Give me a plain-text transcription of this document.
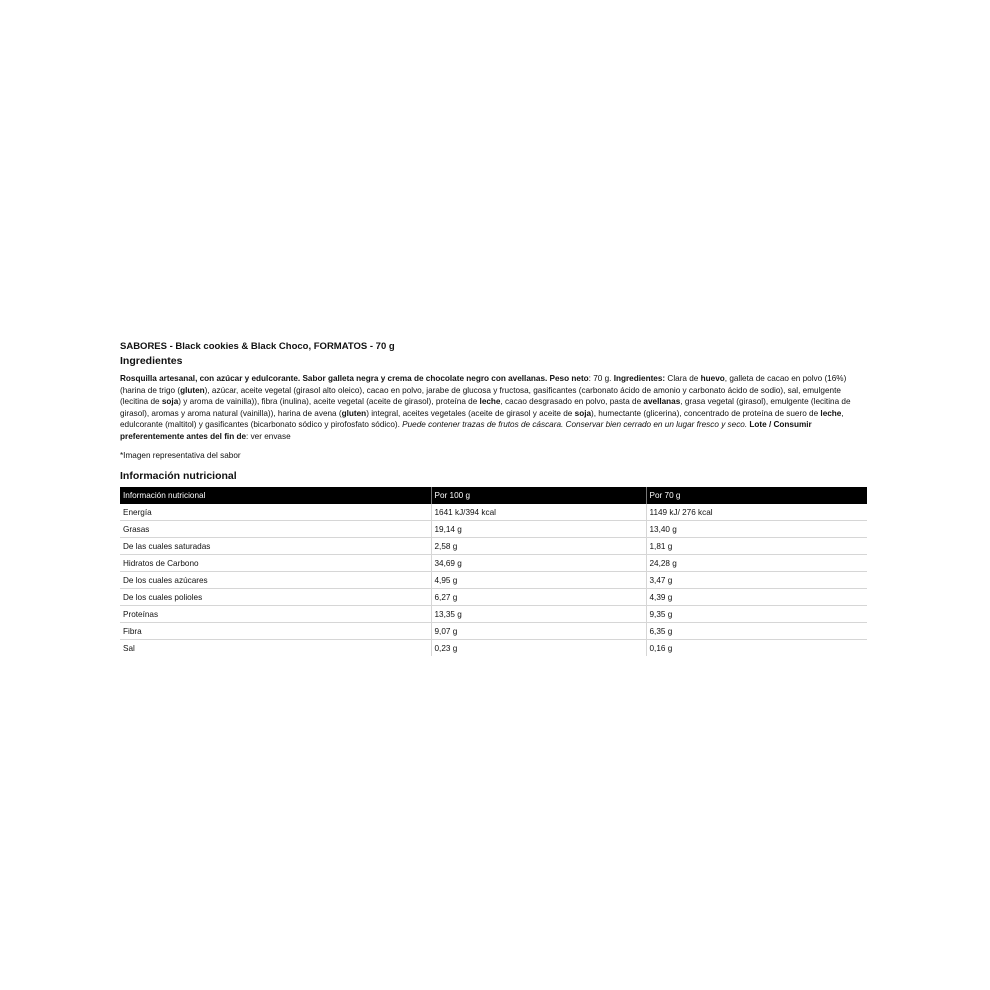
SABORES - Black cookies & Black Choco, FORMATOS - 70 g

Ingredientes

Rosquilla artesanal, con azúcar y edulcorante. Sabor galleta negra y crema de chocolate negro con avellanas. Peso neto: 70 g. Ingredientes: Clara de huevo, galleta de cacao en polvo (16%) (harina de trigo (gluten), azúcar, aceite vegetal (girasol alto oleico), cacao en polvo, jarabe de glucosa y fructosa, gasificantes (carbonato ácido de amonio y carbonato ácido de sodio), sal, emulgente (lecitina de soja) y aroma de vainilla)), fibra (inulina), aceite vegetal (aceite de girasol), proteína de leche, cacao desgrasado en polvo, pasta de avellanas, grasa vegetal (girasol), emulgente (lecitina de girasol), aromas y aroma natural (vainilla)), harina de avena (gluten) integral, aceites vegetales (aceite de girasol y aceite de soja), humectante (glicerina), concentrado de proteína de suero de leche, edulcorante (maltitol) y gasificantes (bicarbonato sódico y pirofosfato sódico). Puede contener trazas de frutos de cáscara. Conservar bien cerrado en un lugar fresco y seco. Lote / Consumir preferentemente antes del fin de: ver envase

*Imagen representativa del sabor

Información nutricional

Información nutricional	Por 100 g	Por 70 g
Energía	1641 kJ/394 kcal	1149 kJ/ 276 kcal
Grasas	19,14 g	13,40 g
De las cuales saturadas	2,58 g	1,81 g
Hidratos de Carbono	34,69 g	24,28 g
De los cuales azúcares	4,95 g	3,47 g
De los cuales polioles	6,27 g	4,39 g
Proteínas	13,35 g	9,35 g
Fibra	9,07 g	6,35 g
Sal	0,23 g	0,16 g
